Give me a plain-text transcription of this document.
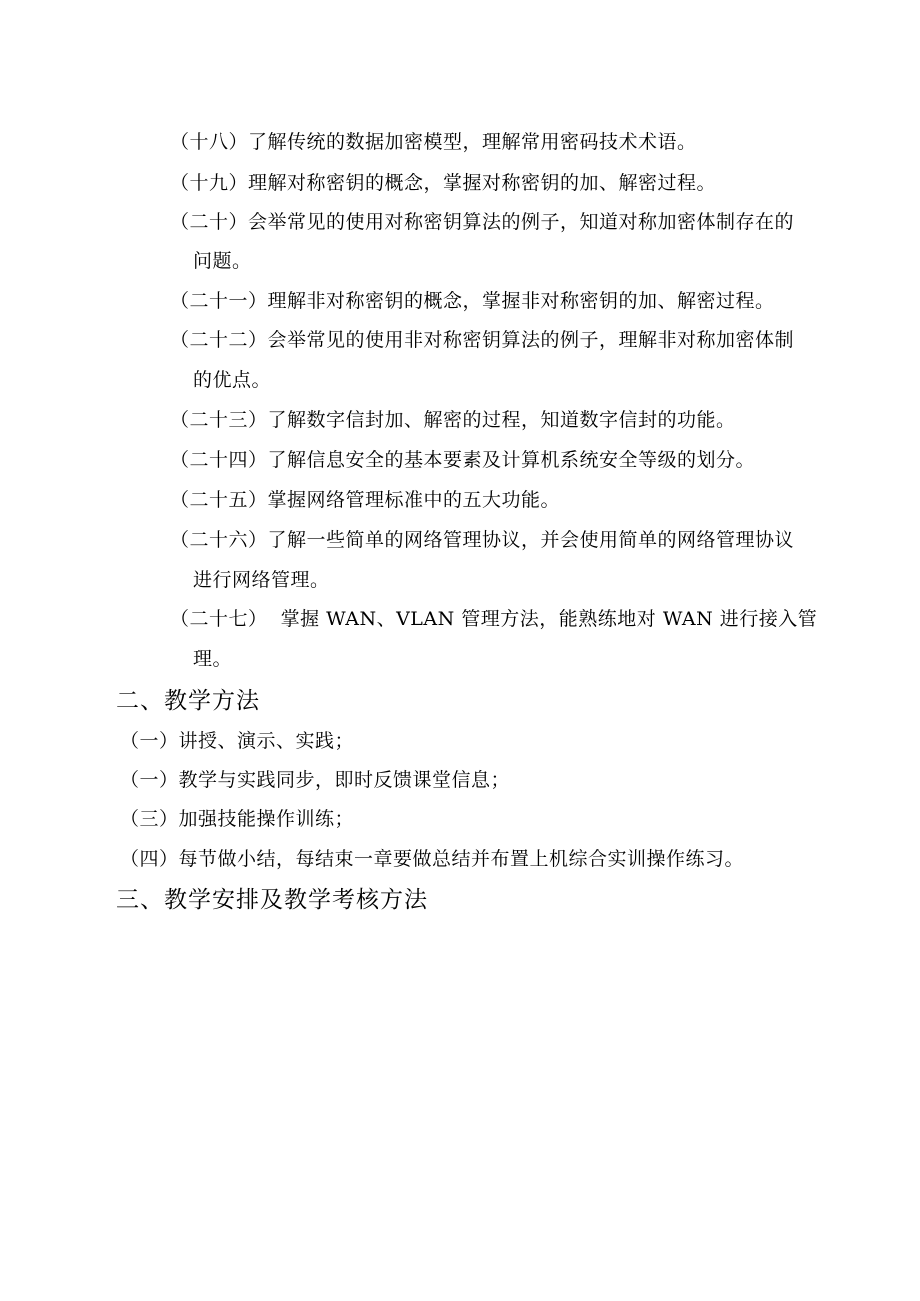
（十八）了解传统的数据加密模型，理解常用密码技术术语。
（十九）理解对称密钥的概念，掌握对称密钥的加、解密过程。
（二十）会举常见的使用对称密钥算法的例子，知道对称加密体制存在的
问题。
（二十一）理解非对称密钥的概念，掌握非对称密钥的加、解密过程。
（二十二）会举常见的使用非对称密钥算法的例子，理解非对称加密体制
的优点。
（二十三）了解数字信封加、解密的过程，知道数字信封的功能。
（二十四）了解信息安全的基本要素及计算机系统安全等级的划分。
（二十五）掌握网络管理标准中的五大功能。
（二十六）了解一些简单的网络管理协议，并会使用简单的网络管理协议
进行网络管理。
（二十七）  掌握 WAN、VLAN 管理方法，能熟练地对 WAN 进行接入管
理。
二、教学方法
（一）讲授、演示、实践；
（一）教学与实践同步，即时反馈课堂信息；
（三）加强技能操作训练；
（四）每节做小结，每结束一章要做总结并布置上机综合实训操作练习。
三、教学安排及教学考核方法
